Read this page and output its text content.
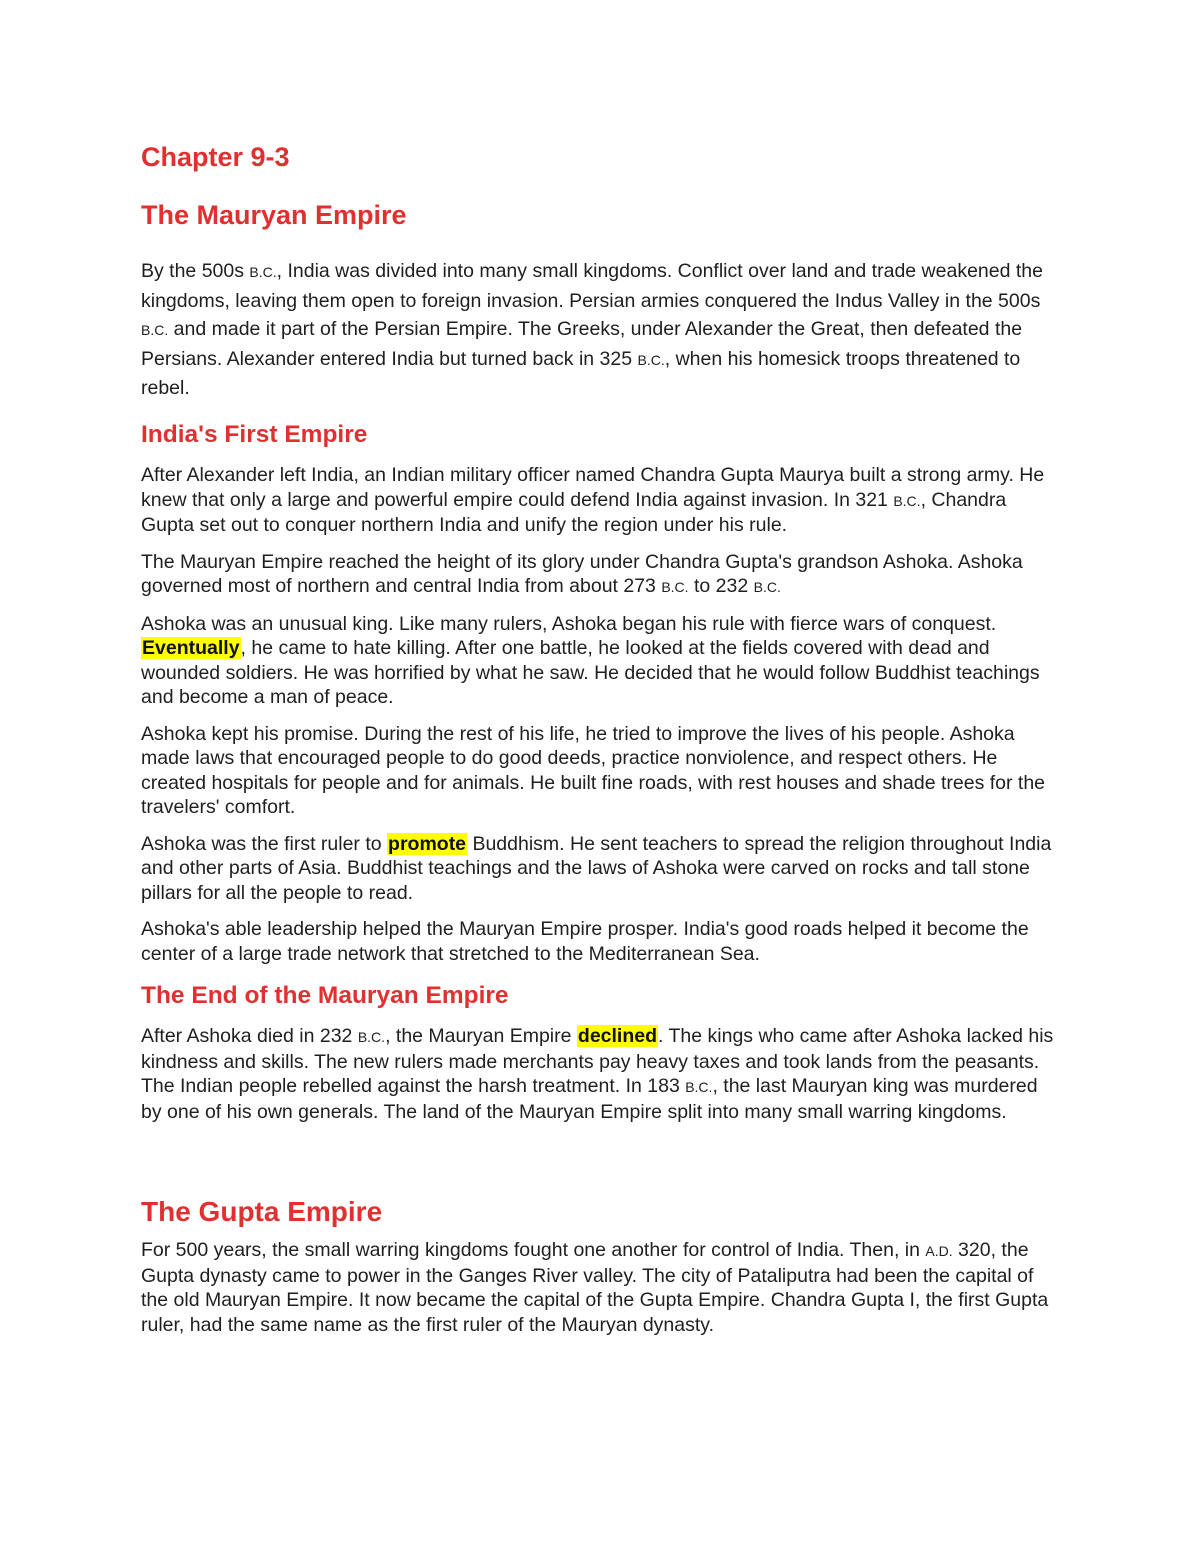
Chapter 9-3
The Mauryan Empire

By the 500s B.C., India was divided into many small kingdoms. Conflict over land and trade weakened the kingdoms, leaving them open to foreign invasion. Persian armies conquered the Indus Valley in the 500s B.C. and made it part of the Persian Empire. The Greeks, under Alexander the Great, then defeated the Persians. Alexander entered India but turned back in 325 B.C., when his homesick troops threatened to rebel.

India's First Empire

After Alexander left India, an Indian military officer named Chandra Gupta Maurya built a strong army. He knew that only a large and powerful empire could defend India against invasion. In 321 B.C., Chandra Gupta set out to conquer northern India and unify the region under his rule.

The Mauryan Empire reached the height of its glory under Chandra Gupta's grandson Ashoka. Ashoka governed most of northern and central India from about 273 B.C. to 232 B.C.

Ashoka was an unusual king. Like many rulers, Ashoka began his rule with fierce wars of conquest. Eventually, he came to hate killing. After one battle, he looked at the fields covered with dead and wounded soldiers. He was horrified by what he saw. He decided that he would follow Buddhist teachings and become a man of peace.

Ashoka kept his promise. During the rest of his life, he tried to improve the lives of his people. Ashoka made laws that encouraged people to do good deeds, practice nonviolence, and respect others. He created hospitals for people and for animals. He built fine roads, with rest houses and shade trees for the travelers' comfort.

Ashoka was the first ruler to promote Buddhism. He sent teachers to spread the religion throughout India and other parts of Asia. Buddhist teachings and the laws of Ashoka were carved on rocks and tall stone pillars for all the people to read.

Ashoka's able leadership helped the Mauryan Empire prosper. India's good roads helped it become the center of a large trade network that stretched to the Mediterranean Sea.

The End of the Mauryan Empire

After Ashoka died in 232 B.C., the Mauryan Empire declined. The kings who came after Ashoka lacked his kindness and skills. The new rulers made merchants pay heavy taxes and took lands from the peasants. The Indian people rebelled against the harsh treatment. In 183 B.C., the last Mauryan king was murdered by one of his own generals. The land of the Mauryan Empire split into many small warring kingdoms.

The Gupta Empire

For 500 years, the small warring kingdoms fought one another for control of India. Then, in A.D. 320, the Gupta dynasty came to power in the Ganges River valley. The city of Pataliputra had been the capital of the old Mauryan Empire. It now became the capital of the Gupta Empire. Chandra Gupta I, the first Gupta ruler, had the same name as the first ruler of the Mauryan dynasty.
